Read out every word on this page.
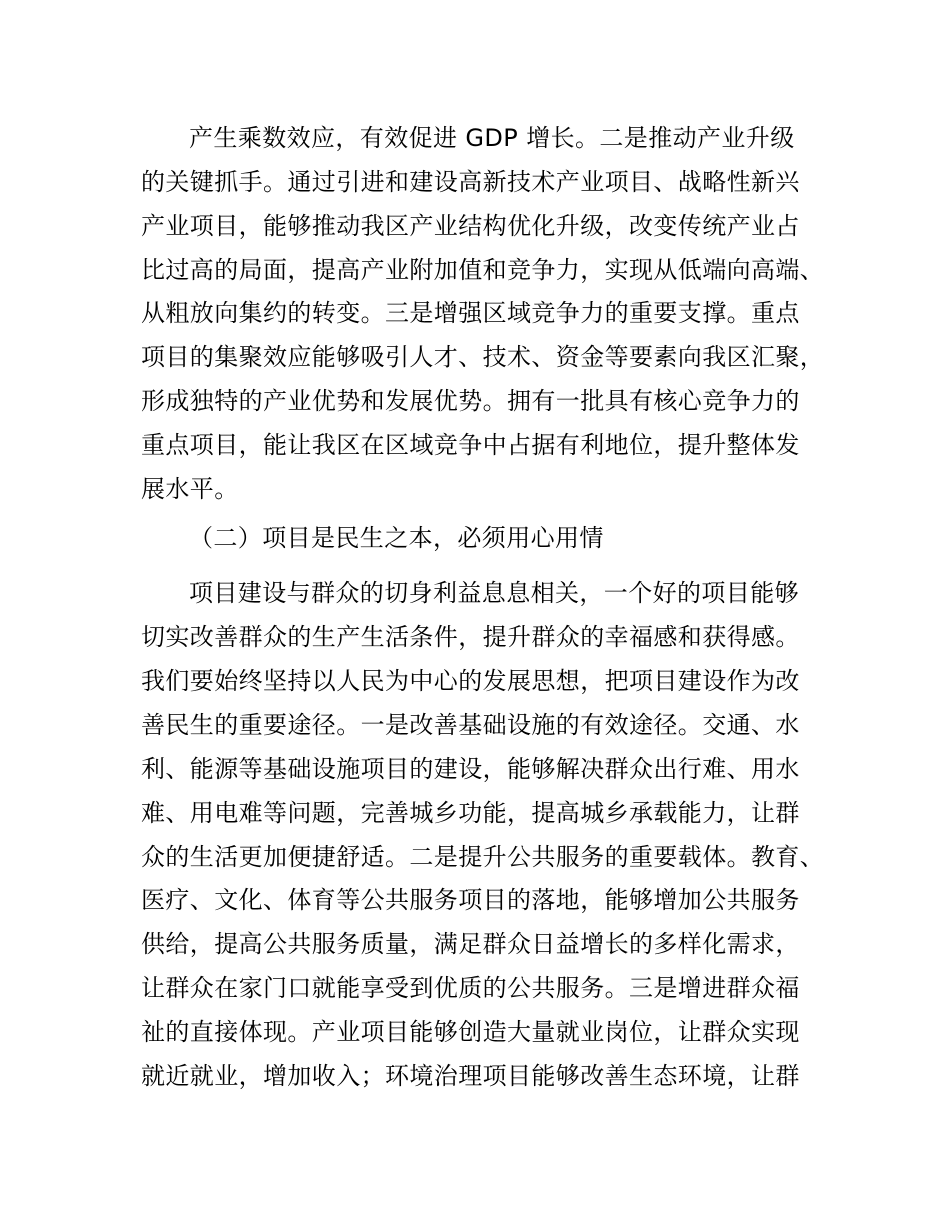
产生乘数效应，有效促进 GDP 增长。二是推动产业升级
的关键抓手。通过引进和建设高新技术产业项目、战略性新兴
产业项目，能够推动我区产业结构优化升级，改变传统产业占
比过高的局面，提高产业附加值和竞争力，实现从低端向高端、
从粗放向集约的转变。三是增强区域竞争力的重要支撑。重点
项目的集聚效应能够吸引人才、技术、资金等要素向我区汇聚，
形成独特的产业优势和发展优势。拥有一批具有核心竞争力的
重点项目，能让我区在区域竞争中占据有利地位，提升整体发
展水平。
（二）项目是民生之本，必须用心用情
项目建设与群众的切身利益息息相关，一个好的项目能够
切实改善群众的生产生活条件，提升群众的幸福感和获得感。
我们要始终坚持以人民为中心的发展思想，把项目建设作为改
善民生的重要途径。一是改善基础设施的有效途径。交通、水
利、能源等基础设施项目的建设，能够解决群众出行难、用水
难、用电难等问题，完善城乡功能，提高城乡承载能力，让群
众的生活更加便捷舒适。二是提升公共服务的重要载体。教育、
医疗、文化、体育等公共服务项目的落地，能够增加公共服务
供给，提高公共服务质量，满足群众日益增长的多样化需求，
让群众在家门口就能享受到优质的公共服务。三是增进群众福
祉的直接体现。产业项目能够创造大量就业岗位，让群众实现
就近就业，增加收入；环境治理项目能够改善生态环境，让群
